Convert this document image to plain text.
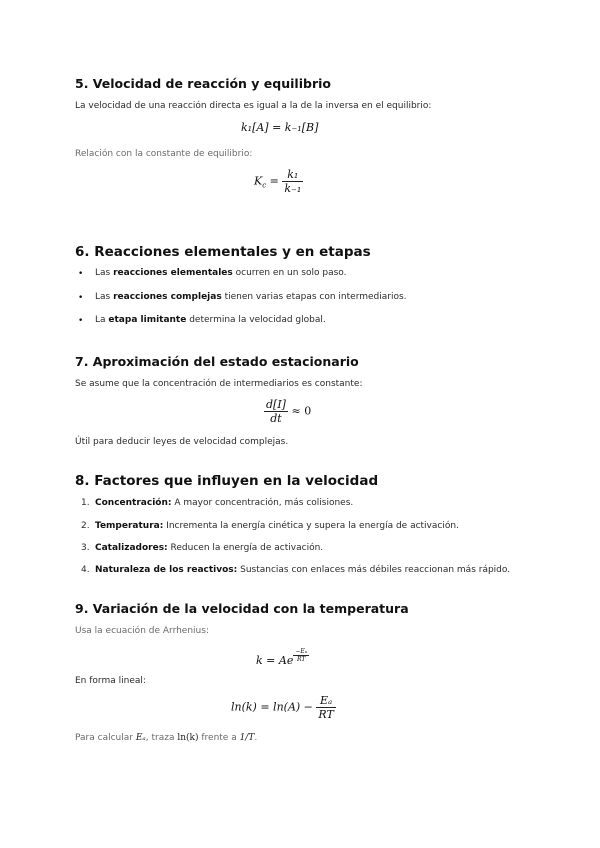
5. Velocidad de reacción y equilibrio

La velocidad de una reacción directa es igual a la de la inversa en el equilibrio:

k₁[A] = k₋₁[B]

Relación con la constante de equilibrio:

$K_c = \frac{\text{k₁}}{\text{k₋₁}}$
6. Reacciones elementales y en etapas
• Las reacciones elementales ocurren en un solo paso.
• Las reacciones complejas tienen varias etapas con intermediarios.
• La etapa limitante determina la velocidad global.
7. Aproximación del estado estacionario

Se asume que la concentración de intermediarios es constante:

$\frac{d[I]}{dt} \approx 0$

Útil para deducir leyes de velocidad complejas.

8. Factores que influyen en la velocidad
1. Concentración: A mayor concentración, más colisiones.
2. Temperatura: Incrementa la energía cinética y supera la energía de activación.
3. Catalizadores: Reducen la energía de activación.
4. Naturaleza de los reactivos: Sustancias con enlaces más débiles reaccionan más rápido.
9. Variación de la velocidad con la temperatura

Usa la ecuación de Arrhenius:

k = Ae $^{\frac{\text{−Eₐ}}{RT}}$

En forma lineal:

$\ln(k) = \ln(A) - \frac{\text{Eₐ}}{RT}$

Para calcular Eₐ, traza ln(k) frente a 1/T.
